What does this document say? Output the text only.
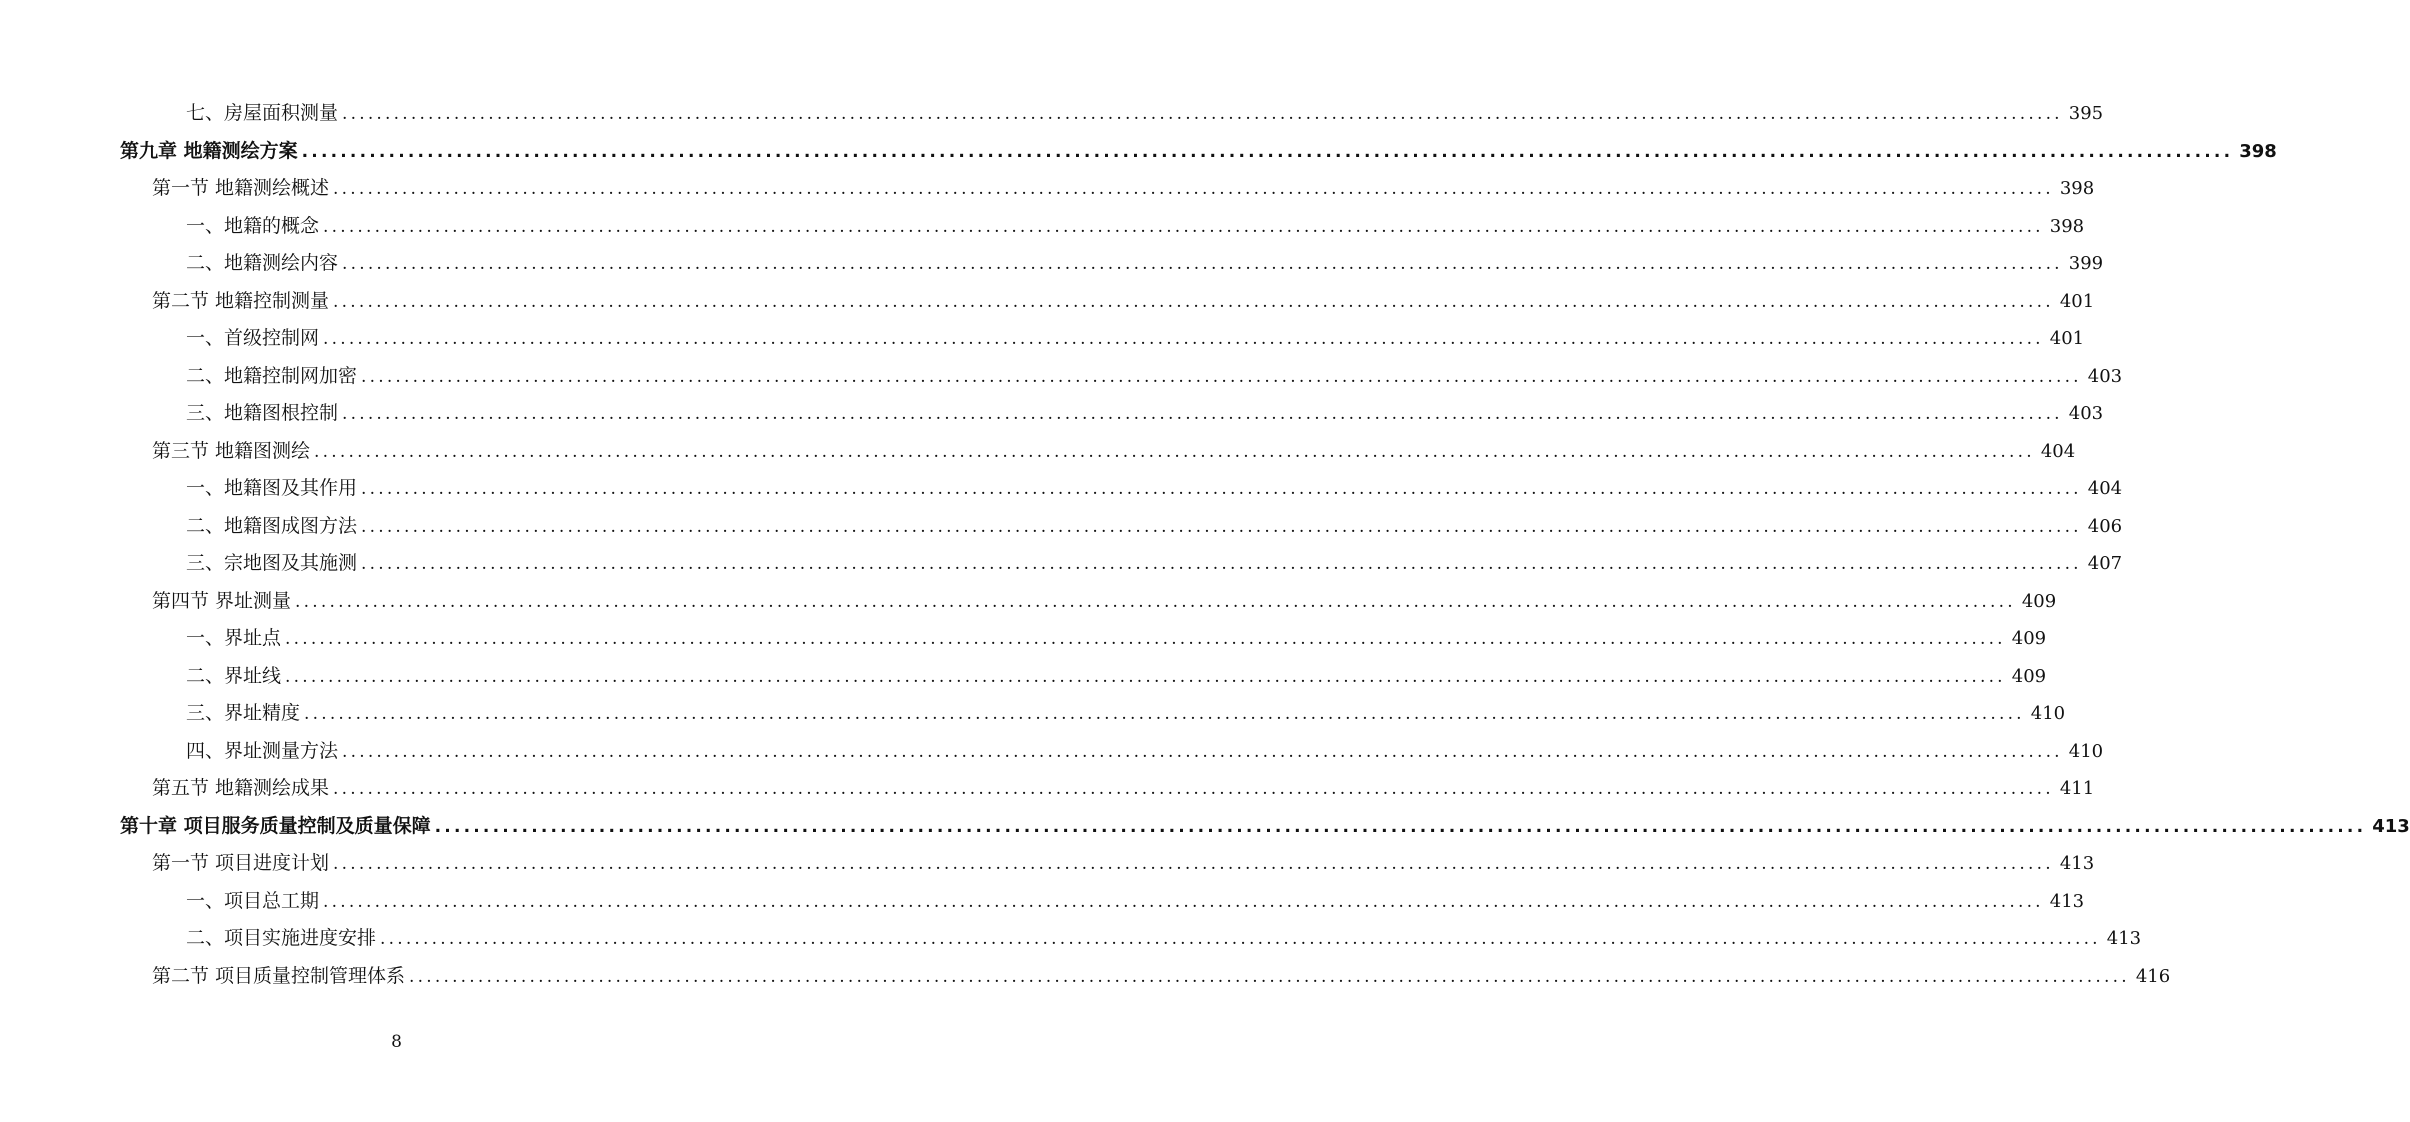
七、房屋面积测量 ........................................................................................................................................................................................................ 395
第九章 地籍测绘方案 ........................................................................................................................................................................................................ 398
第一节 地籍测绘概述 ........................................................................................................................................................................................................ 398
一、地籍的概念 ........................................................................................................................................................................................................ 398
二、地籍测绘内容 ........................................................................................................................................................................................................ 399
第二节 地籍控制测量 ........................................................................................................................................................................................................ 401
一、首级控制网 ........................................................................................................................................................................................................ 401
二、地籍控制网加密 ........................................................................................................................................................................................................ 403
三、地籍图根控制 ........................................................................................................................................................................................................ 403
第三节 地籍图测绘 ........................................................................................................................................................................................................ 404
一、地籍图及其作用 ........................................................................................................................................................................................................ 404
二、地籍图成图方法 ........................................................................................................................................................................................................ 406
三、宗地图及其施测 ........................................................................................................................................................................................................ 407
第四节 界址测量 ........................................................................................................................................................................................................ 409
一、界址点 ........................................................................................................................................................................................................ 409
二、界址线 ........................................................................................................................................................................................................ 409
三、界址精度 ........................................................................................................................................................................................................ 410
四、界址测量方法 ........................................................................................................................................................................................................ 410
第五节 地籍测绘成果 ........................................................................................................................................................................................................ 411
第十章 项目服务质量控制及质量保障 ........................................................................................................................................................................................................ 413
第一节 项目进度计划 ........................................................................................................................................................................................................ 413
一、项目总工期 ........................................................................................................................................................................................................ 413
二、项目实施进度安排 ........................................................................................................................................................................................................ 413
第二节 项目质量控制管理体系 ........................................................................................................................................................................................................ 416
8
